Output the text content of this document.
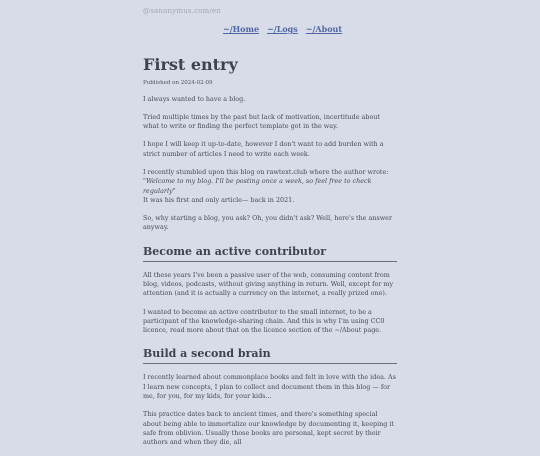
@sanonymus.com/en
~/Home ~/Logs ~/About
First entry
Published on 2024-02-09

I always wanted to have a blog.

Tried multiple times by the past but lack of motivation, incertitude about what to write or finding the perfect template got in the way.

I hope I will keep it up-to-date, however I don't want to add burden with a strict number of articles I need to write each week.

I recently stumbled upon this blog on rawtext.club where the author wrote:
"Welcome to my blog. I'll be posting once a week, so feel free to check regularly"
It was his first and only article— back in 2021.

So, why starting a blog, you ask? Oh, you didn't ask? Well, here's the answer anyway.

Become an active contributor

All these years I've been a passive user of the web, consuming content from blog, videos, podcasts, without giving anything in return. Well, except for my attention (and it is actually a currency on the internet, a really prized one).

I wanted to become an active contributor to the small internet, to be a participant of the knowledge-sharing chain. And this is why I'm using CC0 licence, read more about that on the licence section of the ~/About page.

Build a second brain

I recently learned about commonplace books and felt in love with the idea. As I learn new concepts, I plan to collect and document them in this blog — for me, for you, for my kids, for your kids...

This practice dates back to ancient times, and there's something special about being able to immortalize our knowledge by documenting it, keeping it safe from oblivion. Usually those books are personal, kept secret by their authors and when they die, all
